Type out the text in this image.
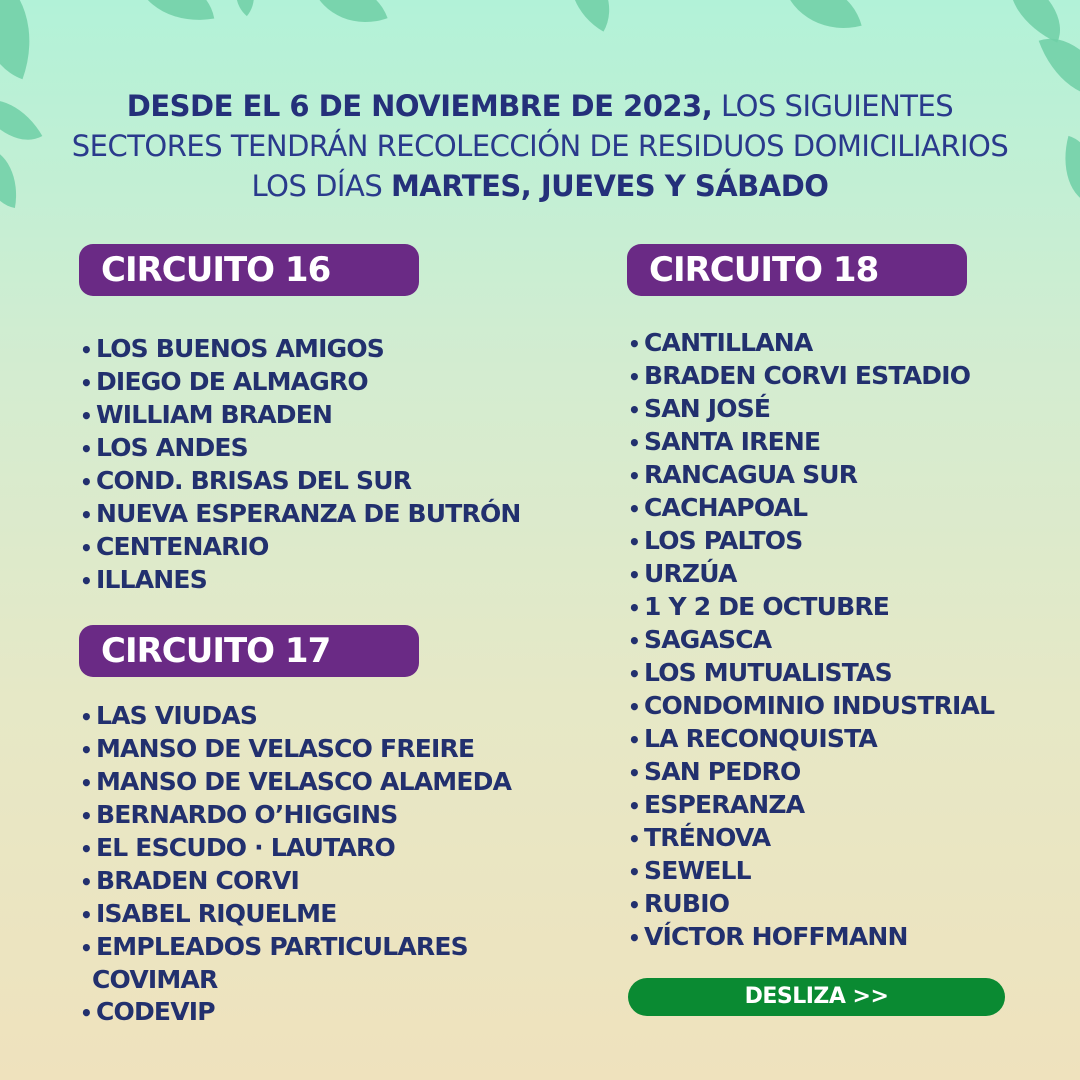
DESDE EL 6 DE NOVIEMBRE DE 2023, LOS SIGUIENTES SECTORES TENDRÁN RECOLECCIÓN DE RESIDUOS DOMICILIARIOS LOS DÍAS MARTES, JUEVES Y SÁBADO
CIRCUITO 16
• LOS BUENOS AMIGOS
• DIEGO DE ALMAGRO
• WILLIAM BRADEN
• LOS ANDES
• COND. BRISAS DEL SUR
• NUEVA ESPERANZA DE BUTRÓN
• CENTENARIO
• ILLANES
CIRCUITO 17
• LAS VIUDAS
• MANSO DE VELASCO FREIRE
• MANSO DE VELASCO ALAMEDA
• BERNARDO O’HIGGINS
• EL ESCUDO · LAUTARO
• BRADEN CORVI
• ISABEL RIQUELME
• EMPLEADOS PARTICULARES
COVIMAR
• CODEVIP
CIRCUITO 18
• CANTILLANA
• BRADEN CORVI ESTADIO
• SAN JOSÉ
• SANTA IRENE
• RANCAGUA SUR
• CACHAPOAL
• LOS PALTOS
• URZÚA
• 1 Y 2 DE OCTUBRE
• SAGASCA
• LOS MUTUALISTAS
• CONDOMINIO INDUSTRIAL
• LA RECONQUISTA
• SAN PEDRO
• ESPERANZA
• TRÉNOVA
• SEWELL
• RUBIO
• VÍCTOR HOFFMANN
DESLIZA >>
